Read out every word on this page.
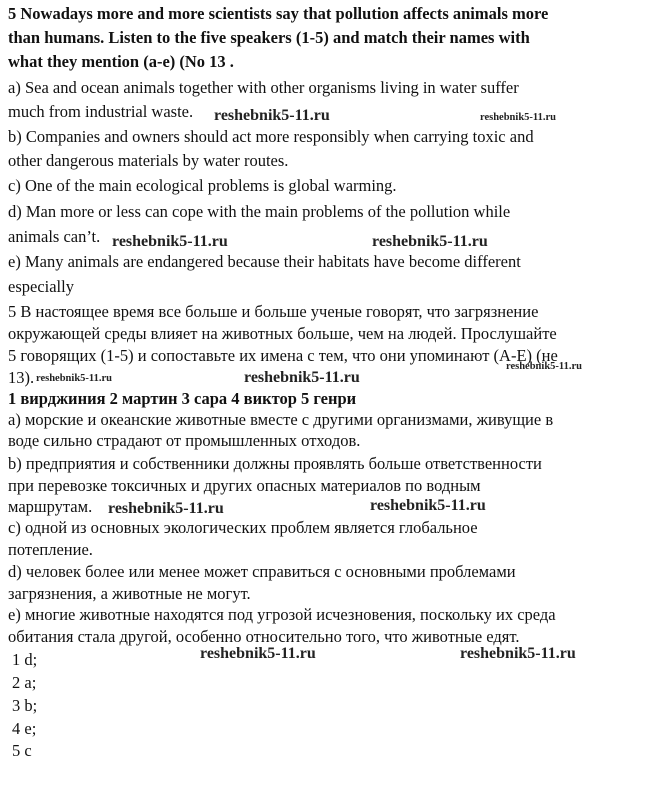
5 Nowadays more and more scientists say that pollution affects animals more
than humans. Listen to the five speakers (1-5) and match their names with
what they mention (a-e) (No 13 .
a) Sea and ocean animals together with other organisms living in water suffer
much from industrial waste.
b) Companies and owners should act more responsibly when carrying toxic and
other dangerous materials by water routes.
c) One of the main ecological problems is global warming.
d) Man more or less can cope with the main problems of the pollution while
animals can’t.
e) Many animals are endangered because their habitats have become different
especially
5 В настоящее время все больше и больше ученые говорят, что загрязнение
окружающей среды влияет на животных больше, чем на людей. Прослушайте
5 говорящих (1-5) и сопоставьте их имена с тем, что они упоминают (A-E) (не
13).
1 вирджиния 2 мартин 3 сара 4 виктор 5 генри
a) морские и океанские животные вместе с другими организмами, живущие в
воде сильно страдают от промышленных отходов.
b) предприятия и собственники должны проявлять больше ответственности
при перевозке токсичных и других опасных материалов по водным
маршрутам.
c) одной из основных экологических проблем является глобальное
потепление.
d) человек более или менее может справиться с основными проблемами
загрязнения, а животные не могут.
e) многие животные находятся под угрозой исчезновения, поскольку их среда
обитания стала другой, особенно относительно того, что животные едят.
1 d;
2 a;
3 b;
4 e;
5 c
reshebnik5-11.ru	reshebnik5-11.ru
reshebnik5-11.ru	reshebnik5-11.ru
reshebnik5-11.ru
reshebnik5-11.ru	reshebnik5-11.ru
reshebnik5-11.ru	reshebnik5-11.ru
reshebnik5-11.ru	reshebnik5-11.ru
